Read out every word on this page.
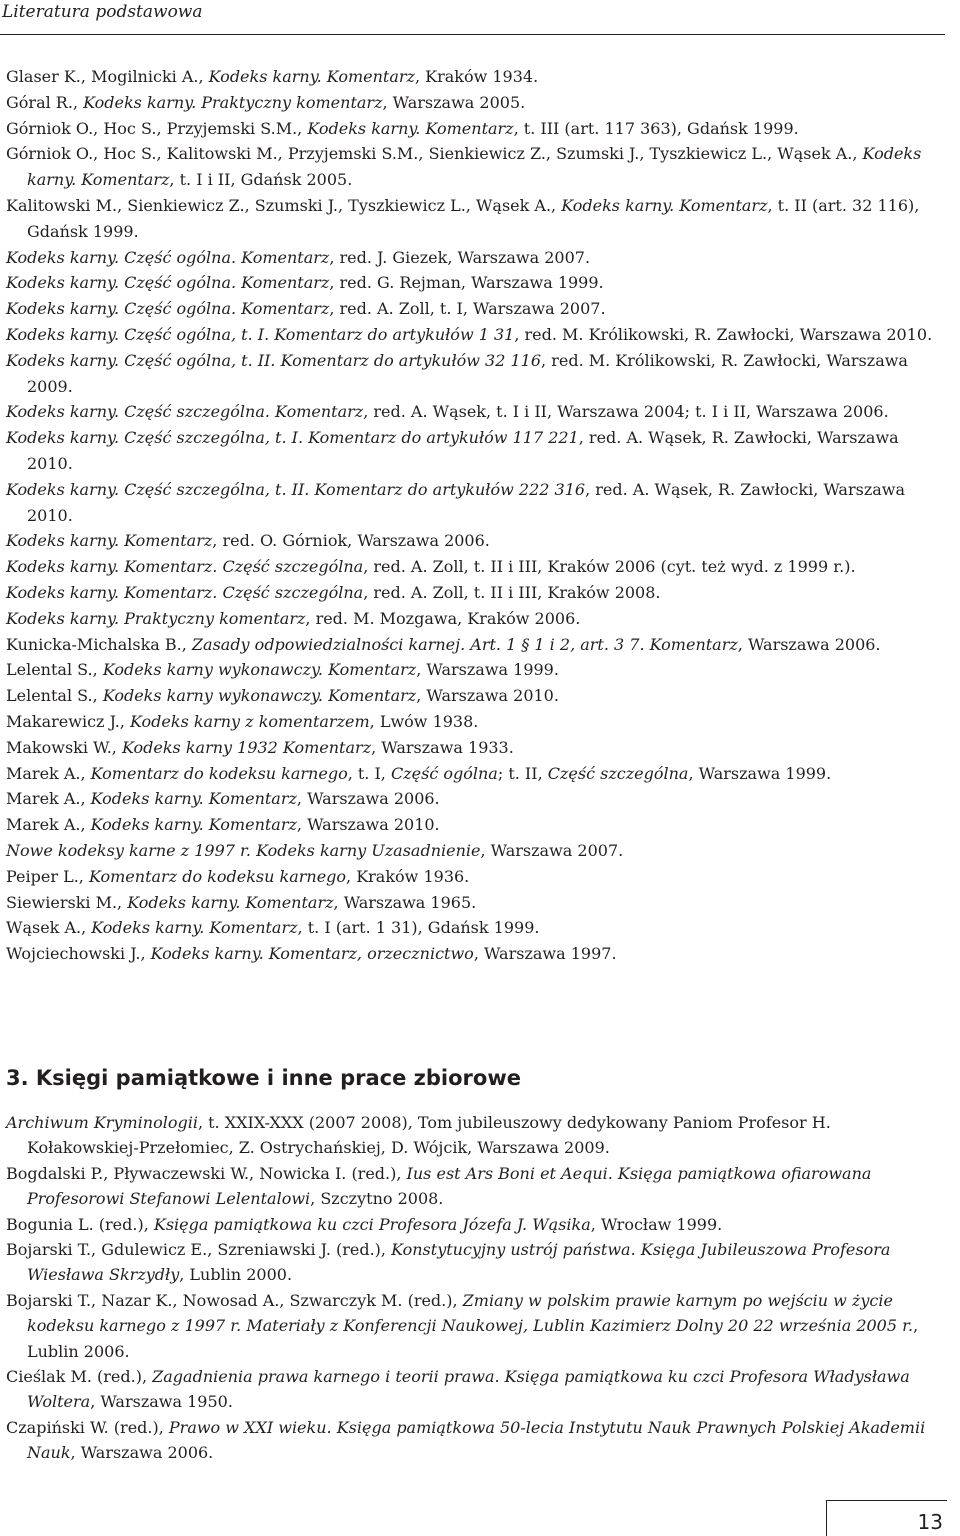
Literatura podstawowa

Glaser K., Mogilnicki A., Kodeks karny. Komentarz, Kraków 1934.

Góral R., Kodeks karny. Praktyczny komentarz, Warszawa 2005.

Górniok O., Hoc S., Przyjemski S.M., Kodeks karny. Komentarz, t. III (art. 117 363), Gdańsk 1999.

Górniok O., Hoc S., Kalitowski M., Przyjemski S.M., Sienkiewicz Z., Szumski J., Tyszkiewicz L., Wąsek A., Kodeks karny. Komentarz, t. I i II, Gdańsk 2005.

Kalitowski M., Sienkiewicz Z., Szumski J., Tyszkiewicz L., Wąsek A., Kodeks karny. Komentarz, t. II (art. 32 116), Gdańsk 1999.

Kodeks karny. Część ogólna. Komentarz, red. J. Giezek, Warszawa 2007.

Kodeks karny. Część ogólna. Komentarz, red. G. Rejman, Warszawa 1999.

Kodeks karny. Część ogólna. Komentarz, red. A. Zoll, t. I, Warszawa 2007.

Kodeks karny. Część ogólna, t. I. Komentarz do artykułów 1 31, red. M. Królikowski, R. Zawłocki, Warszawa 2010.

Kodeks karny. Część ogólna, t. II. Komentarz do artykułów 32 116, red. M. Królikowski, R. Zawłocki, Warszawa 2009.

Kodeks karny. Część szczególna. Komentarz, red. A. Wąsek, t. I i II, Warszawa 2004; t. I i II, Warszawa 2006.

Kodeks karny. Część szczególna, t. I. Komentarz do artykułów 117 221, red. A. Wąsek, R. Zawłocki, Warszawa 2010.

Kodeks karny. Część szczególna, t. II. Komentarz do artykułów 222 316, red. A. Wąsek, R. Zawłocki, Warszawa 2010.

Kodeks karny. Komentarz, red. O. Górniok, Warszawa 2006.

Kodeks karny. Komentarz. Część szczególna, red. A. Zoll, t. II i III, Kraków 2006 (cyt. też wyd. z 1999 r.).

Kodeks karny. Komentarz. Część szczególna, red. A. Zoll, t. II i III, Kraków 2008.

Kodeks karny. Praktyczny komentarz, red. M. Mozgawa, Kraków 2006.

Kunicka-Michalska B., Zasady odpowiedzialności karnej. Art. 1 § 1 i 2, art. 3 7. Komentarz, Warszawa 2006.

Lelental S., Kodeks karny wykonawczy. Komentarz, Warszawa 1999.

Lelental S., Kodeks karny wykonawczy. Komentarz, Warszawa 2010.

Makarewicz J., Kodeks karny z komentarzem, Lwów 1938.

Makowski W., Kodeks karny 1932 Komentarz, Warszawa 1933.

Marek A., Komentarz do kodeksu karnego, t. I, Część ogólna; t. II, Część szczególna, Warszawa 1999.

Marek A., Kodeks karny. Komentarz, Warszawa 2006.

Marek A., Kodeks karny. Komentarz, Warszawa 2010.

Nowe kodeksy karne z 1997 r. Kodeks karny Uzasadnienie, Warszawa 2007.

Peiper L., Komentarz do kodeksu karnego, Kraków 1936.

Siewierski M., Kodeks karny. Komentarz, Warszawa 1965.

Wąsek A., Kodeks karny. Komentarz, t. I (art. 1 31), Gdańsk 1999.

Wojciechowski J., Kodeks karny. Komentarz, orzecznictwo, Warszawa 1997.

3. Księgi pamiątkowe i inne prace zbiorowe

Archiwum Kryminologii, t. XXIX-XXX (2007 2008), Tom jubileuszowy dedykowany Paniom Profesor H. Kołakowskiej-Przełomiec, Z. Ostrychańskiej, D. Wójcik, Warszawa 2009.

Bogdalski P., Pływaczewski W., Nowicka I. (red.), Ius est Ars Boni et Aequi. Księga pamiątkowa ofiarowana Profesorowi Stefanowi Lelentalowi, Szczytno 2008.

Bogunia L. (red.), Księga pamiątkowa ku czci Profesora Józefa J. Wąsika, Wrocław 1999.

Bojarski T., Gdulewicz E., Szreniawski J. (red.), Konstytucyjny ustrój państwa. Księga Jubileuszowa Profesora Wiesława Skrzydły, Lublin 2000.

Bojarski T., Nazar K., Nowosad A., Szwarczyk M. (red.), Zmiany w polskim prawie karnym po wejściu w życie kodeksu karnego z 1997 r. Materiały z Konferencji Naukowej, Lublin Kazimierz Dolny 20 22 września 2005 r., Lublin 2006.

Cieślak M. (red.), Zagadnienia prawa karnego i teorii prawa. Księga pamiątkowa ku czci Profesora Władysława Woltera, Warszawa 1950.

Czapiński W. (red.), Prawo w XXI wieku. Księga pamiątkowa 50-lecia Instytutu Nauk Prawnych Polskiej Akademii Nauk, Warszawa 2006.

13
